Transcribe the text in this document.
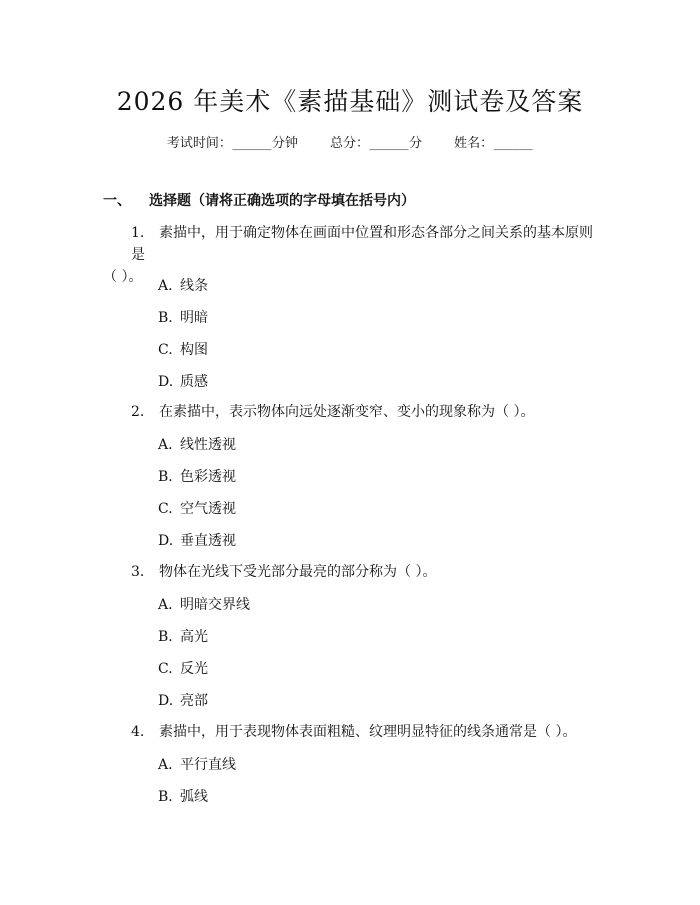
2026 年美术《素描基础》测试卷及答案
考试时间：______分钟 总分：______分 姓名：______
一、 选择题（请将正确选项的字母填在括号内）
1. 素描中，用于确定物体在画面中位置和形态各部分之间关系的基本原则是
（ ）。
A. 线条
B. 明暗
C. 构图
D. 质感
2. 在素描中，表示物体向远处逐渐变窄、变小的现象称为（ ）。
A. 线性透视
B. 色彩透视
C. 空气透视
D. 垂直透视
3. 物体在光线下受光部分最亮的部分称为（ ）。
A. 明暗交界线
B. 高光
C. 反光
D. 亮部
4. 素描中，用于表现物体表面粗糙、纹理明显特征的线条通常是（ ）。
A. 平行直线
B. 弧线
